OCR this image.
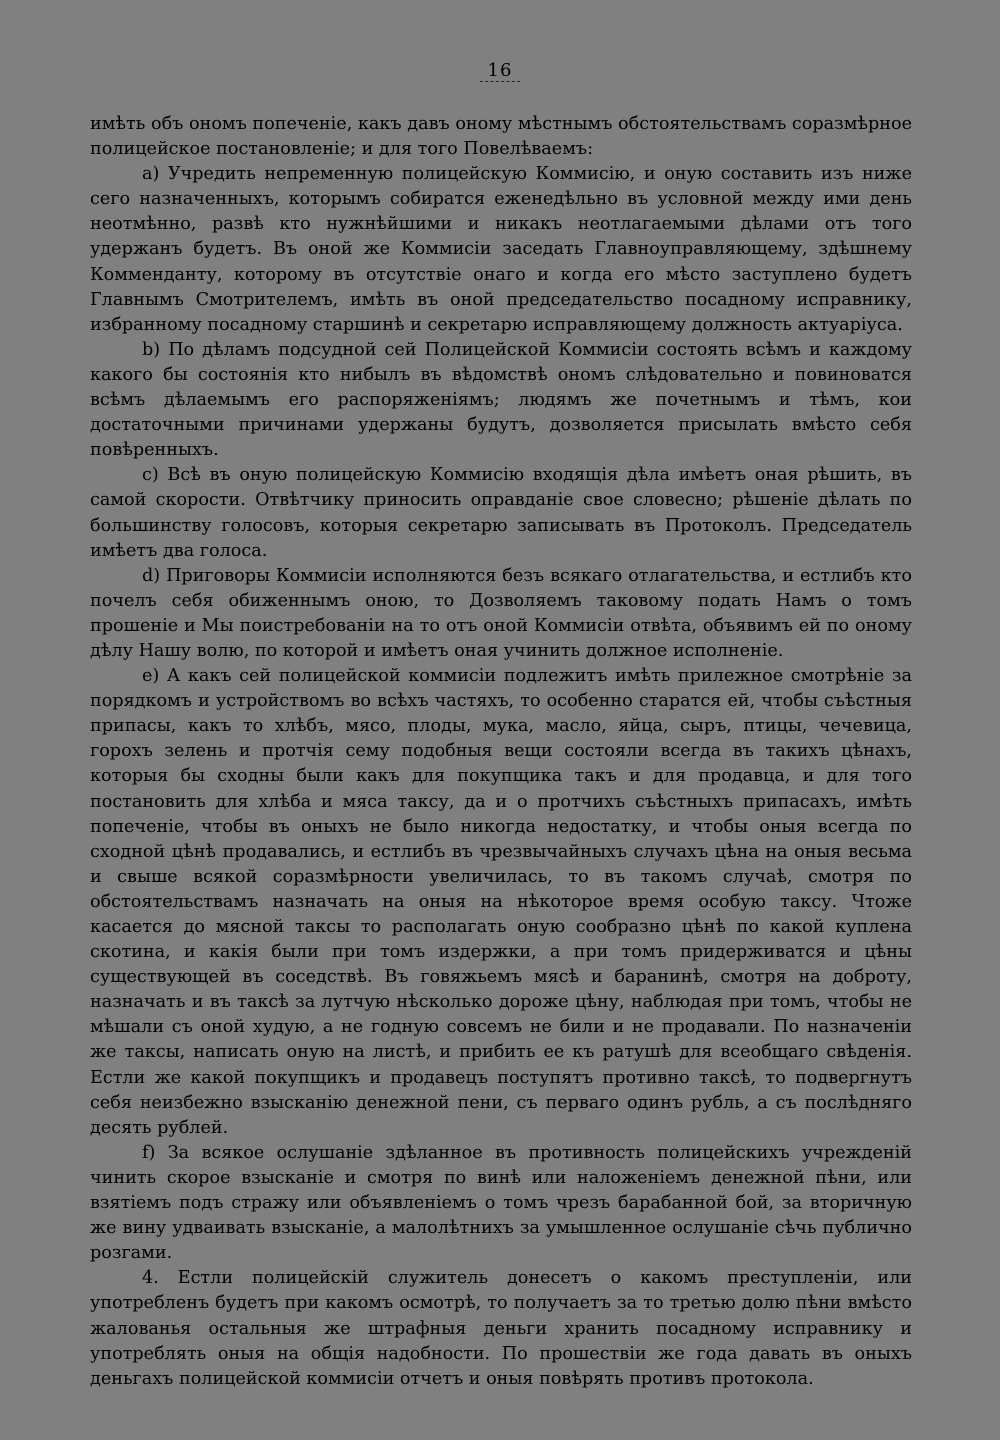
16

имѣть объ ономъ попеченіе, какъ давъ оному мѣстнымъ обстоятельствамъ соразмѣрное полицейское постановленіе; и для того Повелѣваемъ:

a) Учредить непременную полицейскую Коммисію, и оную составить изъ ниже сего назначенныхъ, которымъ собиратся еженедѣльно въ условной между ими день неотмѣнно, развѣ кто нужнѣйшими и никакъ неотлагаемыми дѣлами отъ того удержанъ будетъ. Въ оной же Коммисіи заседать Главноуправляющему, здѣшнему Комменданту, которому въ отсутствіе онаго и когда его мѣсто заступлено будетъ Главнымъ Смотрителемъ, имѣть въ оной председательство посадному исправнику, избранному посадному старшинѣ и секретарю исправляющему должность актуаріуса.

b) По дѣламъ подсудной сей Полицейской Коммисіи состоять всѣмъ и каждому какого бы состоянія кто нибылъ въ вѣдомствѣ ономъ слѣдовательно и повиноватся всѣмъ дѣлаемымъ его распоряженіямъ; людямъ же почетнымъ и тѣмъ, кои достаточными причинами удержаны будутъ, дозволяется присылать вмѣсто себя повѣренныхъ.

c) Всѣ въ оную полицейскую Коммисію входящія дѣла имѣетъ оная рѣшить, въ самой скорости. Отвѣтчику приносить оправданіе свое словесно; рѣшеніе дѣлать по большинству голосовъ, которыя секретарю записывать въ Протоколъ. Председатель имѣетъ два голоса.

d) Приговоры Коммисіи исполняются безъ всякаго отлагательства, и естлибъ кто почелъ себя обиженнымъ оною, то Дозволяемъ таковому подать Намъ о томъ прошеніе и Мы поистребованіи на то отъ оной Коммисіи отвѣта, объявимъ ей по оному дѣлу Нашу волю, по которой и имѣетъ оная учинить должное исполненіе.

e) А какъ сей полицейской коммисіи подлежитъ имѣть прилежное смотрѣніе за порядкомъ и устройствомъ во всѣхъ частяхъ, то особенно старатся ей, чтобы съѣстныя припасы, какъ то хлѣбъ, мясо, плоды, мука, масло, яйца, сыръ, птицы, чечевица, горохъ зелень и протчія сему подобныя вещи состояли всегда въ такихъ цѣнахъ, которыя бы сходны были какъ для покупщика такъ и для продавца, и для того постановить для хлѣба и мяса таксу, да и о протчихъ съѣстныхъ припасахъ, имѣть попеченіе, чтобы въ оныхъ не было никогда недостатку, и чтобы оныя всегда по сходной цѣнѣ продавались, и естлибъ въ чрезвычайныхъ случахъ цѣна на оныя весьма и свыше всякой соразмѣрности увеличилась, то въ такомъ случаѣ, смотря по обстоятельствамъ назначать на оныя на нѣкоторое время особую таксу. Чтоже касается до мясной таксы то располагать оную сообразно цѣнѣ по какой куплена скотина, и какія были при томъ издержки, а при томъ придерживатся и цѣны существующей въ соседствѣ. Въ говяжьемъ мясѣ и баранинѣ, смотря на доброту, назначать и въ таксѣ за лутчую нѣсколько дороже цѣну, наблюдая при томъ, чтобы не мѣшали съ оной худую, а не годную совсемъ не били и не продавали. По назначеніи же таксы, написать оную на листѣ, и прибить ее къ ратушѣ для всеобщаго свѣденія. Естли же какой покупщикъ и продавецъ поступятъ противно таксѣ, то подвергнутъ себя неизбежно взысканію денежной пени, съ перваго одинъ рубль, а съ послѣдняго десять рублей.

f) За всякое ослушаніе здѣланное въ противность полицейскихъ учрежденій чинить скорое взысканіе и смотря по винѣ или наложеніемъ денежной пѣни, или взятіемъ подъ стражу или объявленіемъ о томъ чрезъ барабанной бой, за вторичную же вину удваивать взысканіе, а малолѣтнихъ за умышленное ослушаніе сѣчь публично розгами.

4. Естли полицейскій служитель донесетъ о какомъ преступленіи, или употребленъ будетъ при какомъ осмотрѣ, то получаетъ за то третью долю пѣни вмѣсто жалованья остальныя же штрафныя деньги хранить посадному исправнику и употреблять оныя на общія надобности. По прошествіи же года давать въ оныхъ деньгахъ полицейской коммисіи отчетъ и оныя повѣрять противъ протокола.
